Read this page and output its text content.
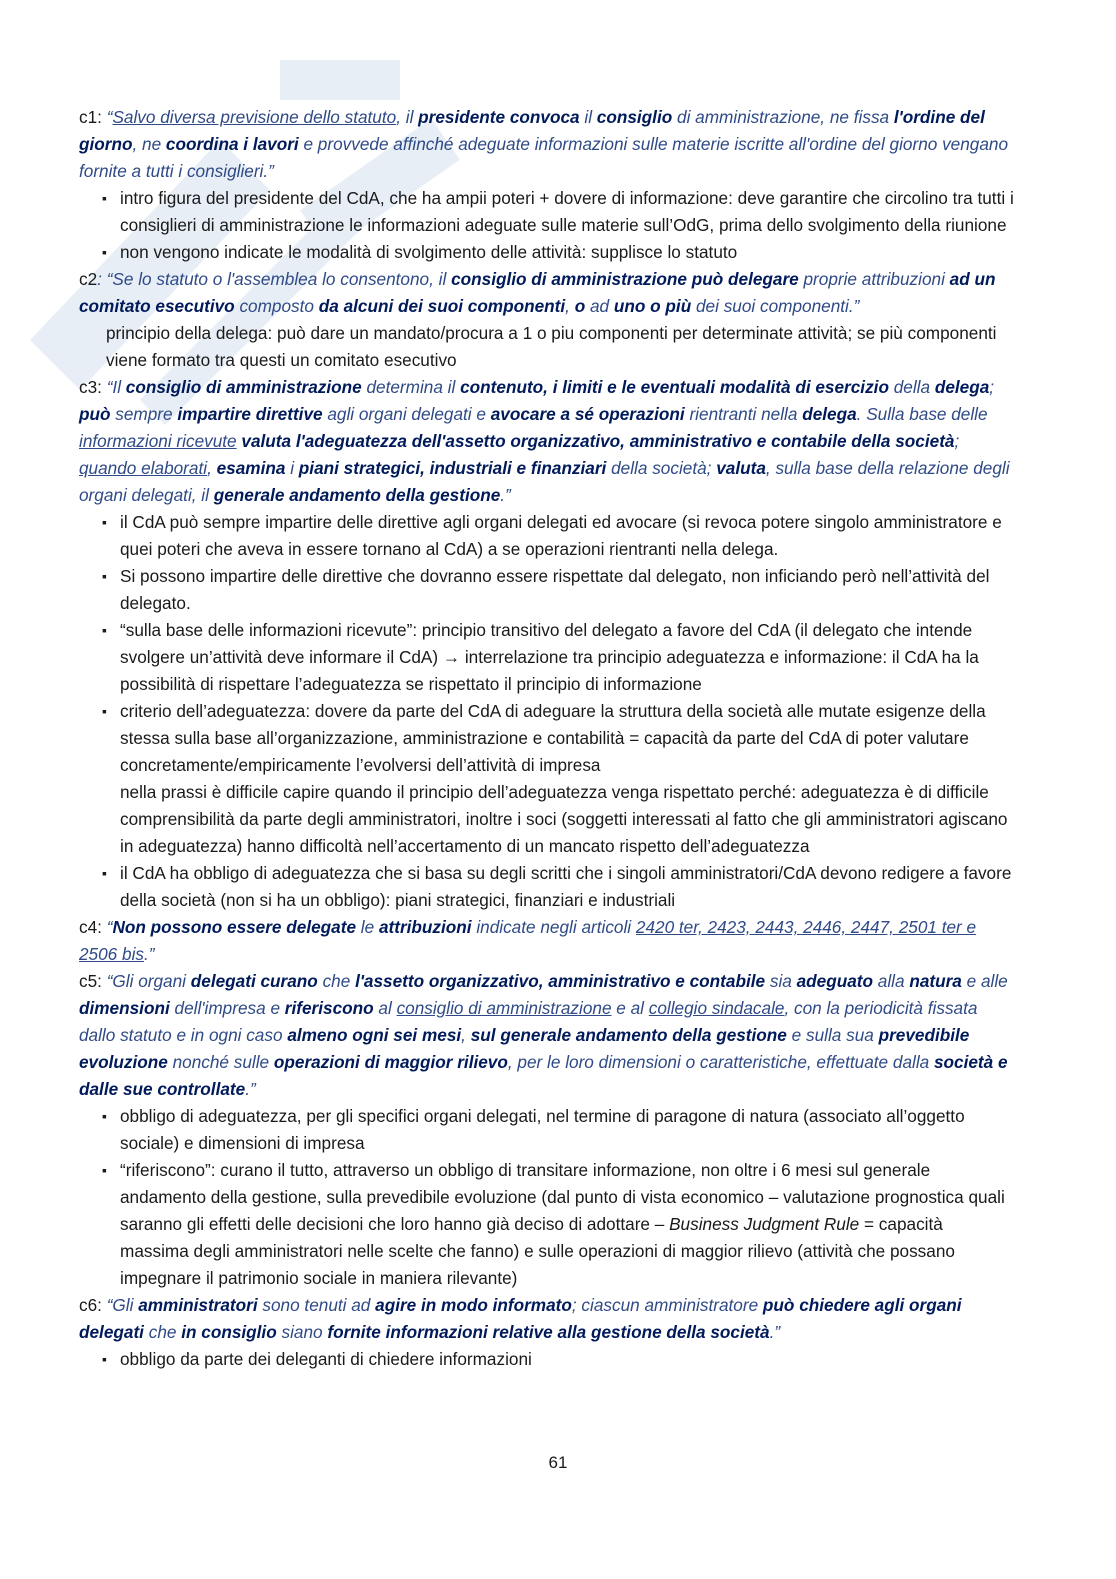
c1: “Salvo diversa previsione dello statuto, il presidente convoca il consiglio di amministrazione, ne fissa l'ordine del giorno, ne coordina i lavori e provvede affinché adeguate informazioni sulle materie iscritte all'ordine del giorno vengano fornite a tutti i consiglieri.”

▪ intro figura del presidente del CdA, che ha ampii poteri + dovere di informazione: deve garantire che circolino tra tutti i consiglieri di amministrazione le informazioni adeguate sulle materie sull’OdG, prima dello svolgimento della riunione

▪ non vengono indicate le modalità di svolgimento delle attività: supplisce lo statuto

c2: “Se lo statuto o l'assemblea lo consentono, il consiglio di amministrazione può delegare proprie attribuzioni ad un comitato esecutivo composto da alcuni dei suoi componenti, o ad uno o più dei suoi componenti.”

principio della delega: può dare un mandato/procura a 1 o piu componenti per determinate attività; se più componenti viene formato tra questi un comitato esecutivo

c3: “Il consiglio di amministrazione determina il contenuto, i limiti e le eventuali modalità di esercizio della delega; può sempre impartire direttive agli organi delegati e avocare a sé operazioni rientranti nella delega. Sulla base delle informazioni ricevute valuta l'adeguatezza dell'assetto organizzativo, amministrativo e contabile della società; quando elaborati, esamina i piani strategici, industriali e finanziari della società; valuta, sulla base della relazione degli organi delegati, il generale andamento della gestione.”

▪ il CdA può sempre impartire delle direttive agli organi delegati ed avocare (si revoca potere singolo amministratore e quei poteri che aveva in essere tornano al CdA) a se operazioni rientranti nella delega.

▪ Si possono impartire delle direttive che dovranno essere rispettate dal delegato, non inficiando però nell’attività del delegato.

▪ “sulla base delle informazioni ricevute”: principio transitivo del delegato a favore del CdA (il delegato che intende svolgere un’attività deve informare il CdA) → interrelazione tra principio adeguatezza e informazione: il CdA ha la possibilità di rispettare l’adeguatezza se rispettato il principio di informazione

▪ criterio dell’adeguatezza: dovere da parte del CdA di adeguare la struttura della società alle mutate esigenze della stessa sulla base all’organizzazione, amministrazione e contabilità = capacità da parte del CdA di poter valutare concretamente/empiricamente l’evolversi dell’attività di impresa

nella prassi è difficile capire quando il principio dell’adeguatezza venga rispettato perché: adeguatezza è di difficile comprensibilità da parte degli amministratori, inoltre i soci (soggetti interessati al fatto che gli amministratori agiscano in adeguatezza) hanno difficoltà nell’accertamento di un mancato rispetto dell’adeguatezza

▪ il CdA ha obbligo di adeguatezza che si basa su degli scritti che i singoli amministratori/CdA devono redigere a favore della società (non si ha un obbligo): piani strategici, finanziari e industriali

c4: “Non possono essere delegate le attribuzioni indicate negli articoli 2420 ter, 2423, 2443, 2446, 2447, 2501 ter e 2506 bis.”

c5: “Gli organi delegati curano che l'assetto organizzativo, amministrativo e contabile sia adeguato alla natura e alle dimensioni dell'impresa e riferiscono al consiglio di amministrazione e al collegio sindacale, con la periodicità fissata dallo statuto e in ogni caso almeno ogni sei mesi, sul generale andamento della gestione e sulla sua prevedibile evoluzione nonché sulle operazioni di maggior rilievo, per le loro dimensioni o caratteristiche, effettuate dalla società e dalle sue controllate.”

▪ obbligo di adeguatezza, per gli specifici organi delegati, nel termine di paragone di natura (associato all’oggetto sociale) e dimensioni di impresa

▪ “riferiscono”: curano il tutto, attraverso un obbligo di transitare informazione, non oltre i 6 mesi sul generale andamento della gestione, sulla prevedibile evoluzione (dal punto di vista economico – valutazione prognostica quali saranno gli effetti delle decisioni che loro hanno già deciso di adottare – Business Judgment Rule = capacità massima degli amministratori nelle scelte che fanno) e sulle operazioni di maggior rilievo (attività che possano impegnare il patrimonio sociale in maniera rilevante)

c6: “Gli amministratori sono tenuti ad agire in modo informato; ciascun amministratore può chiedere agli organi delegati che in consiglio siano fornite informazioni relative alla gestione della società.”

▪ obbligo da parte dei deleganti di chiedere informazioni

61
